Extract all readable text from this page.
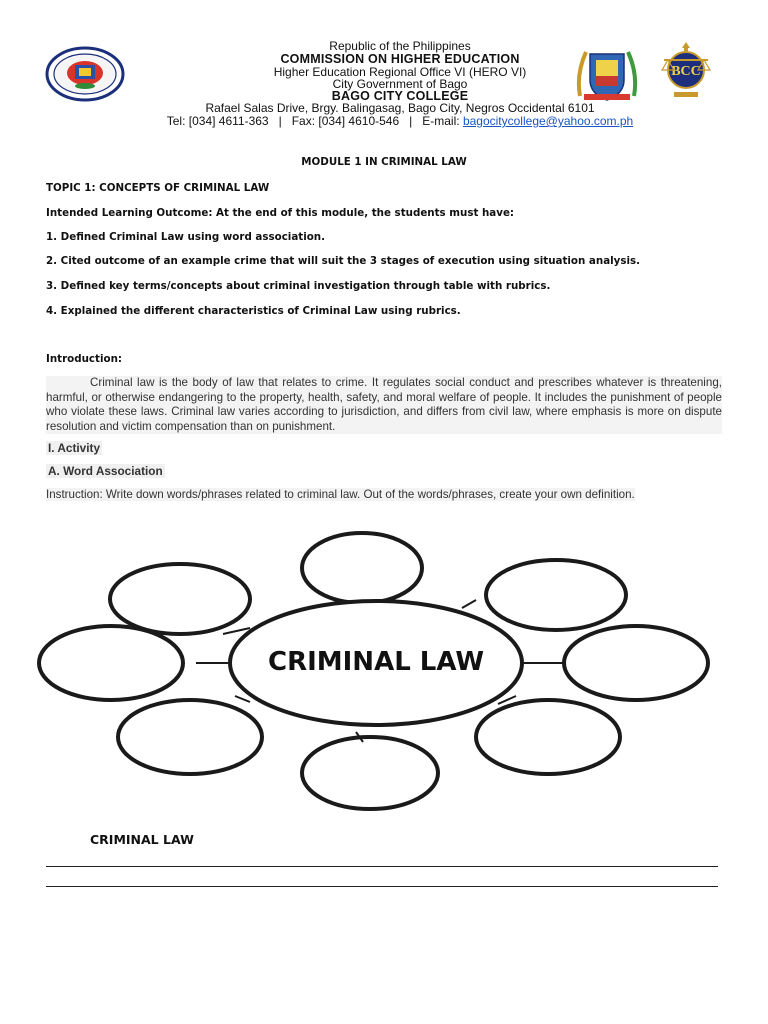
BCC
Republic of the Philippines
COMMISSION ON HIGHER EDUCATION
Higher Education Regional Office VI (HERO VI)
City Government of Bago
BAGO CITY COLLEGE
Rafael Salas Drive, Brgy. Balingasag, Bago City, Negros Occidental 6101
Tel: [034] 4611-363   |   Fax: [034] 4610-546   |   E-mail: bagocitycollege@yahoo.com.ph
MODULE 1 IN CRIMINAL LAW
TOPIC 1: CONCEPTS OF CRIMINAL LAW
Intended Learning Outcome: At the end of this module, the students must have:
1. Defined Criminal Law using word association.
2. Cited outcome of an example crime that will suit the 3 stages of execution using situation analysis.
3. Defined key terms/concepts about criminal investigation through table with rubrics.
4. Explained the different characteristics of Criminal Law using rubrics.
Introduction:
Criminal law is the body of law that relates to crime. It regulates social conduct and prescribes whatever is threatening, harmful, or otherwise endangering to the property, health, safety, and moral welfare of people. It includes the punishment of people who violate these laws. Criminal law varies according to jurisdiction, and differs from civil law, where emphasis is more on dispute resolution and victim compensation than on punishment.
I. Activity
A. Word Association
Instruction: Write down words/phrases related to criminal law. Out of the words/phrases, create your own definition.
CRIMINAL LAW
CRIMINAL LAW
